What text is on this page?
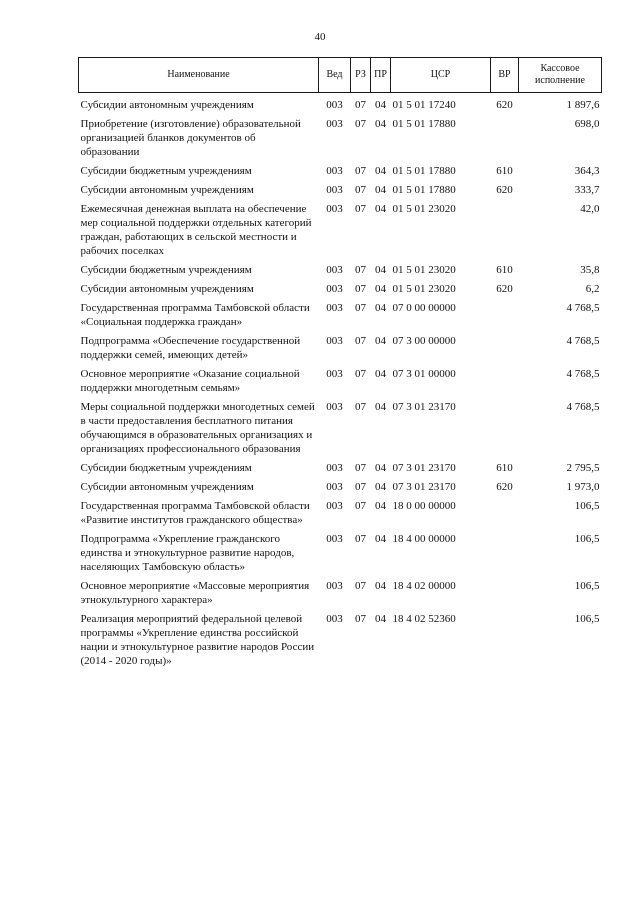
40
Наименование	Вед	РЗ	ПР	ЦСР	ВР	Кассовое исполнение
Субсидии автономным учреждениям	003	07	04	01 5 01 17240	620	1 897,6
Приобретение (изготовление) образовательной организацией бланков документов об образовании	003	07	04	01 5 01 17880		698,0
Субсидии бюджетным учреждениям	003	07	04	01 5 01 17880	610	364,3
Субсидии автономным учреждениям	003	07	04	01 5 01 17880	620	333,7
Ежемесячная денежная выплата на обеспечение мер социальной поддержки отдельных категорий граждан, работающих в сельской местности и рабочих поселках	003	07	04	01 5 01 23020		42,0
Субсидии бюджетным учреждениям	003	07	04	01 5 01 23020	610	35,8
Субсидии автономным учреждениям	003	07	04	01 5 01 23020	620	6,2
Государственная программа Тамбовской области «Социальная поддержка граждан»	003	07	04	07 0 00 00000		4 768,5
Подпрограмма «Обеспечение государственной поддержки семей, имеющих детей»	003	07	04	07 3 00 00000		4 768,5
Основное мероприятие «Оказание социальной поддержки многодетным семьям»	003	07	04	07 3 01 00000		4 768,5
Меры социальной поддержки многодетных семей в части предоставления бесплатного питания обучающимся в образовательных организациях и организациях профессионального образования	003	07	04	07 3 01 23170		4 768,5
Субсидии бюджетным учреждениям	003	07	04	07 3 01 23170	610	2 795,5
Субсидии автономным учреждениям	003	07	04	07 3 01 23170	620	1 973,0
Государственная программа Тамбовской области «Развитие институтов гражданского общества»	003	07	04	18 0 00 00000		106,5
Подпрограмма «Укрепление гражданского единства и этнокультурное развитие народов, населяющих Тамбовскую область»	003	07	04	18 4 00 00000		106,5
Основное мероприятие «Массовые мероприятия этнокультурного характера»	003	07	04	18 4 02 00000		106,5
Реализация мероприятий федеральной целевой программы «Укрепление единства российской нации и этнокультурное развитие народов России (2014 - 2020 годы)»	003	07	04	18 4 02 52360		106,5
